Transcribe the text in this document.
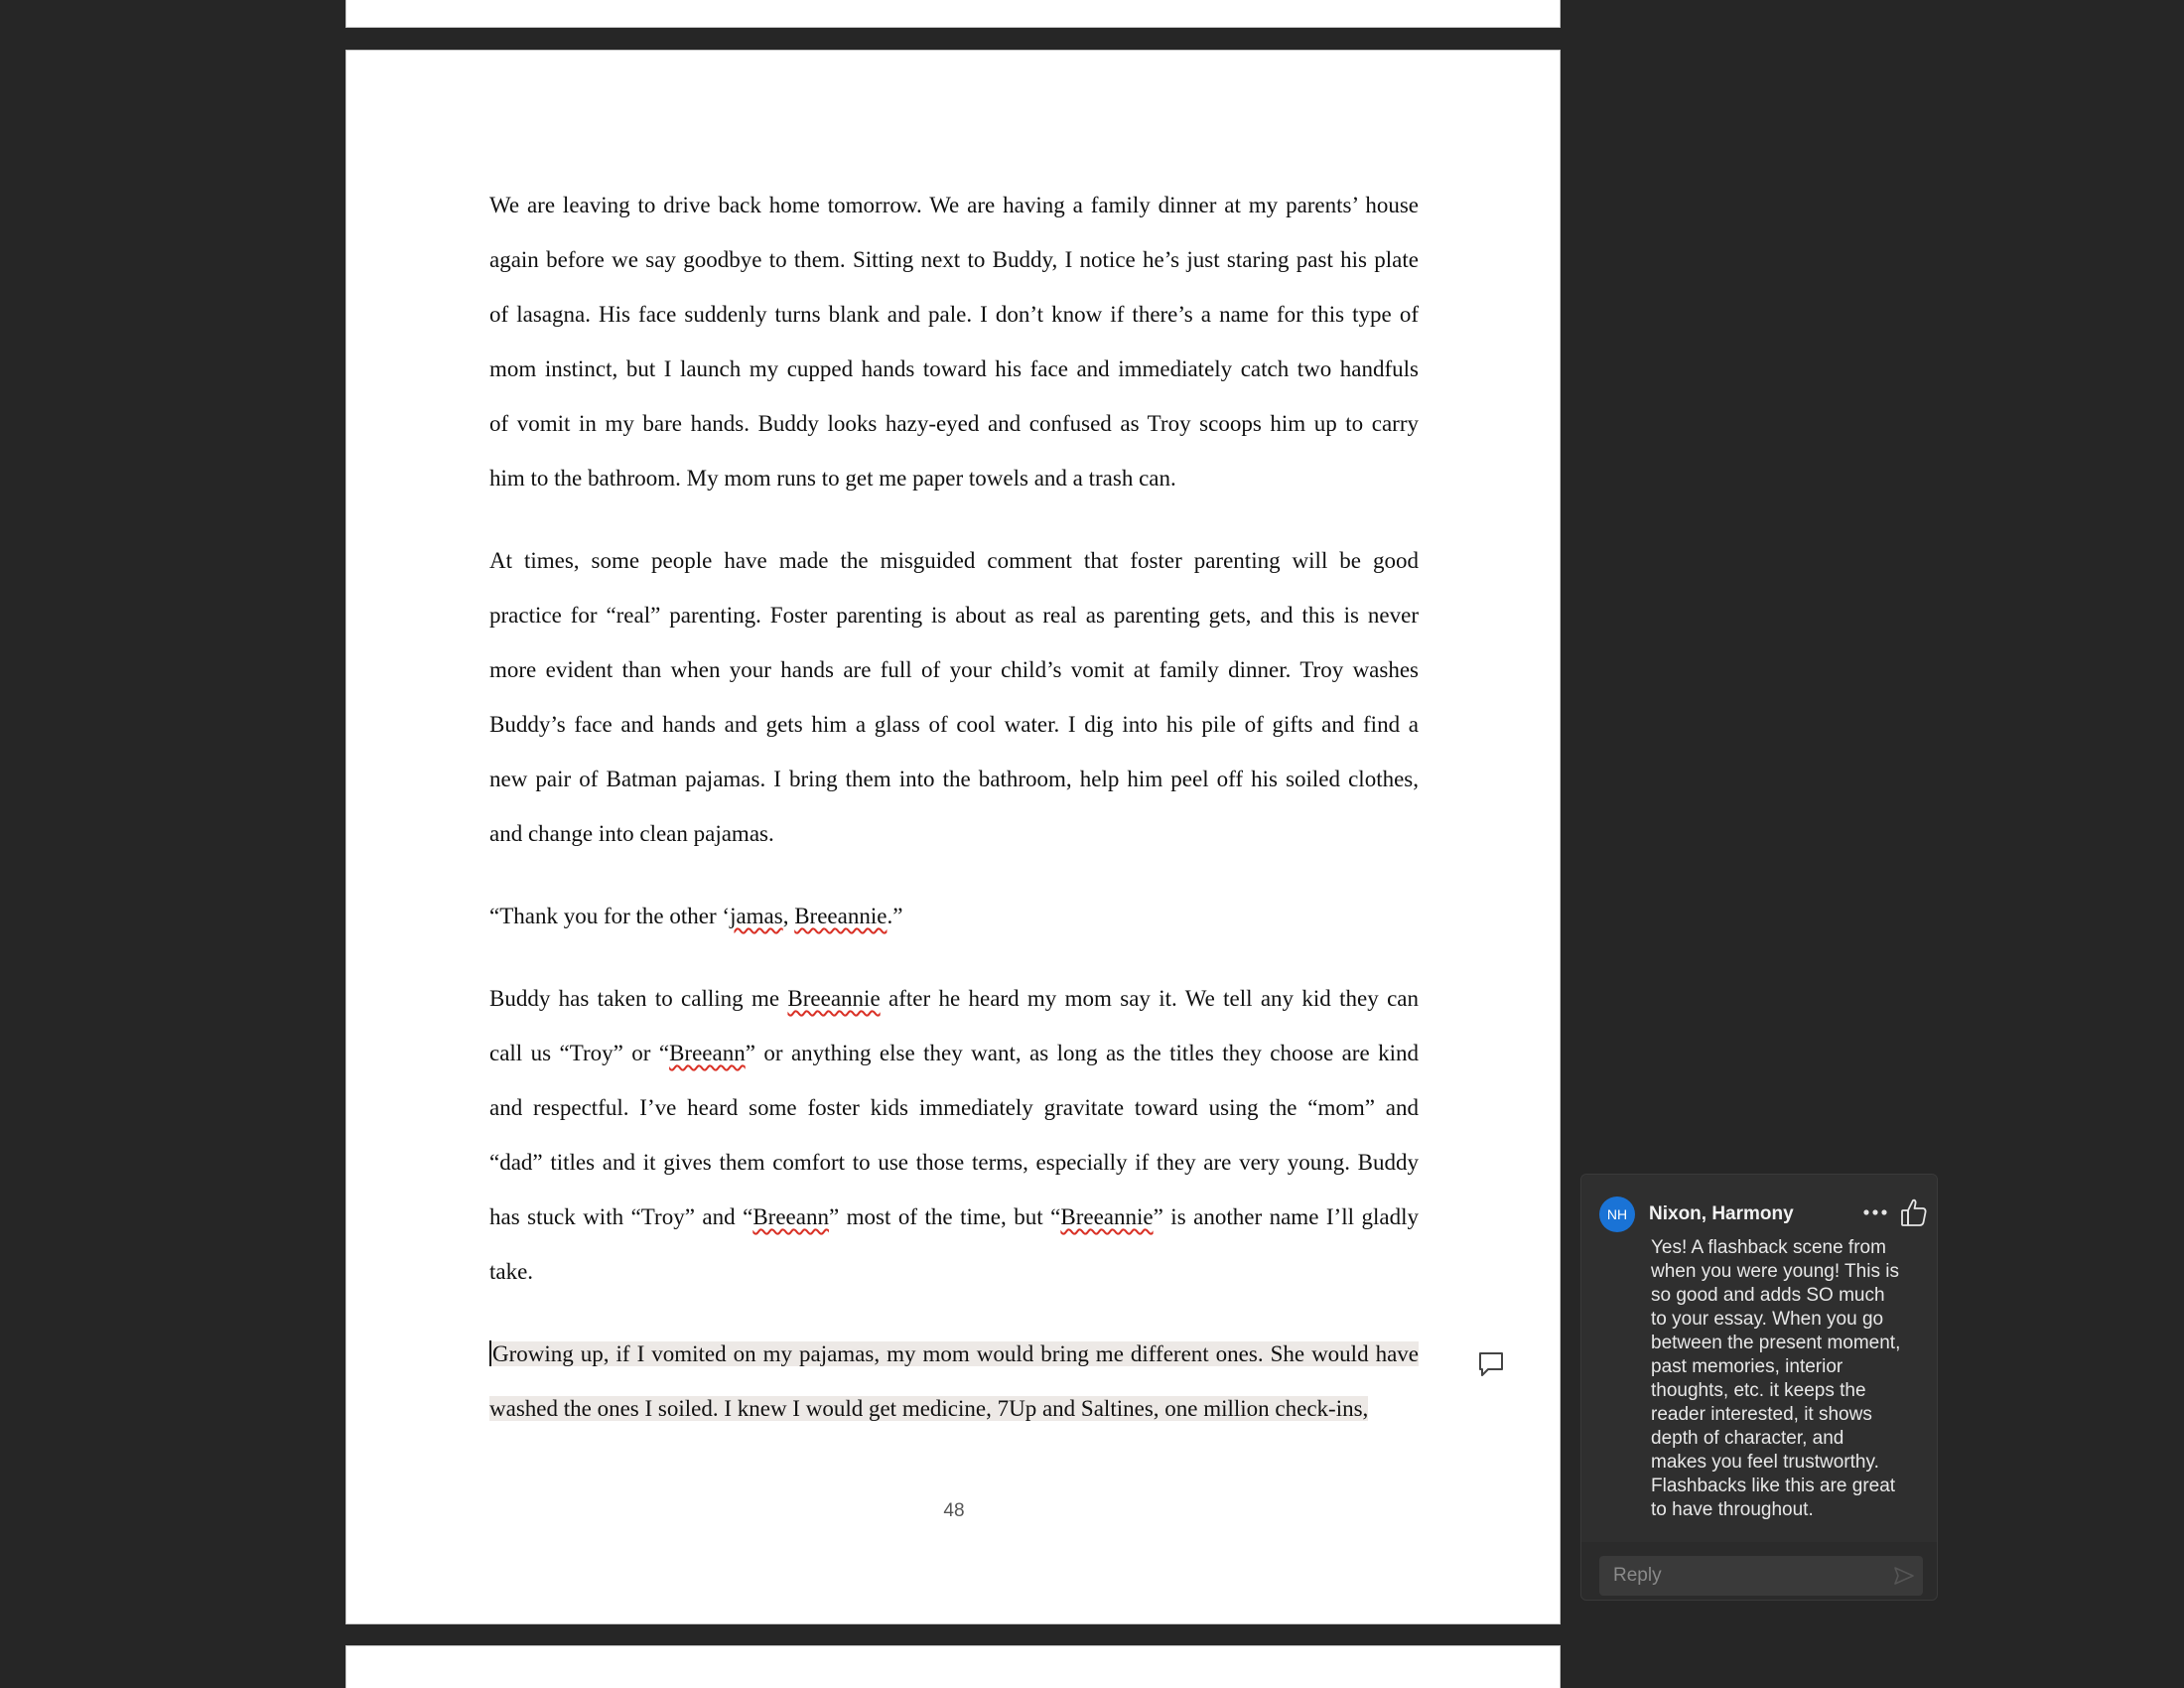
We are leaving to drive back home tomorrow. We are having a family dinner at my parents’ house
again before we say goodbye to them. Sitting next to Buddy, I notice he’s just staring past his plate
of lasagna. His face suddenly turns blank and pale. I don’t know if there’s a name for this type of
mom instinct, but I launch my cupped hands toward his face and immediately catch two handfuls
of vomit in my bare hands. Buddy looks hazy-eyed and confused as Troy scoops him up to carry
him to the bathroom. My mom runs to get me paper towels and a trash can.
At times, some people have made the misguided comment that foster parenting will be good
practice for “real” parenting. Foster parenting is about as real as parenting gets, and this is never
more evident than when your hands are full of your child’s vomit at family dinner. Troy washes
Buddy’s face and hands and gets him a glass of cool water. I dig into his pile of gifts and find a
new pair of Batman pajamas. I bring them into the bathroom, help him peel off his soiled clothes,
and change into clean pajamas.
“Thank you for the other ‘jamas, Breeannie.”
Buddy has taken to calling me Breeannie after he heard my mom say it. We tell any kid they can
call us “Troy” or “Breeann” or anything else they want, as long as the titles they choose are kind
and respectful. I’ve heard some foster kids immediately gravitate toward using the “mom” and
“dad” titles and it gives them comfort to use those terms, especially if they are very young. Buddy
has stuck with “Troy” and “Breeann” most of the time, but “Breeannie” is another name I’ll gladly
take.
Growing up, if I vomited on my pajamas, my mom would bring me different ones. She would have
washed the ones I soiled. I knew I would get medicine, 7Up and Saltines, one million check-ins,
48
NH	Nixon, Harmony
Yes! A flashback scene from
when you were young! This is
so good and adds SO much
to your essay. When you go
between the present moment,
past memories, interior
thoughts, etc. it keeps the
reader interested, it shows
depth of character, and
makes you feel trustworthy.
Flashbacks like this are great
to have throughout.
Reply
